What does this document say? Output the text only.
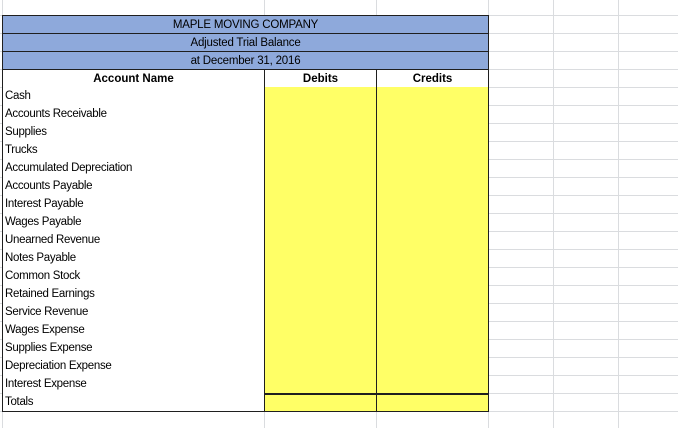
MAPLE MOVING COMPANY
Adjusted Trial Balance
at December 31, 2016
Account Name	Debits	Credits
Cash
Accounts Receivable
Supplies
Trucks
Accumulated Depreciation
Accounts Payable
Interest Payable
Wages Payable
Unearned Revenue
Notes Payable
Common Stock
Retained Earnings
Service Revenue
Wages Expense
Supplies Expense
Depreciation Expense
Interest Expense
Totals
